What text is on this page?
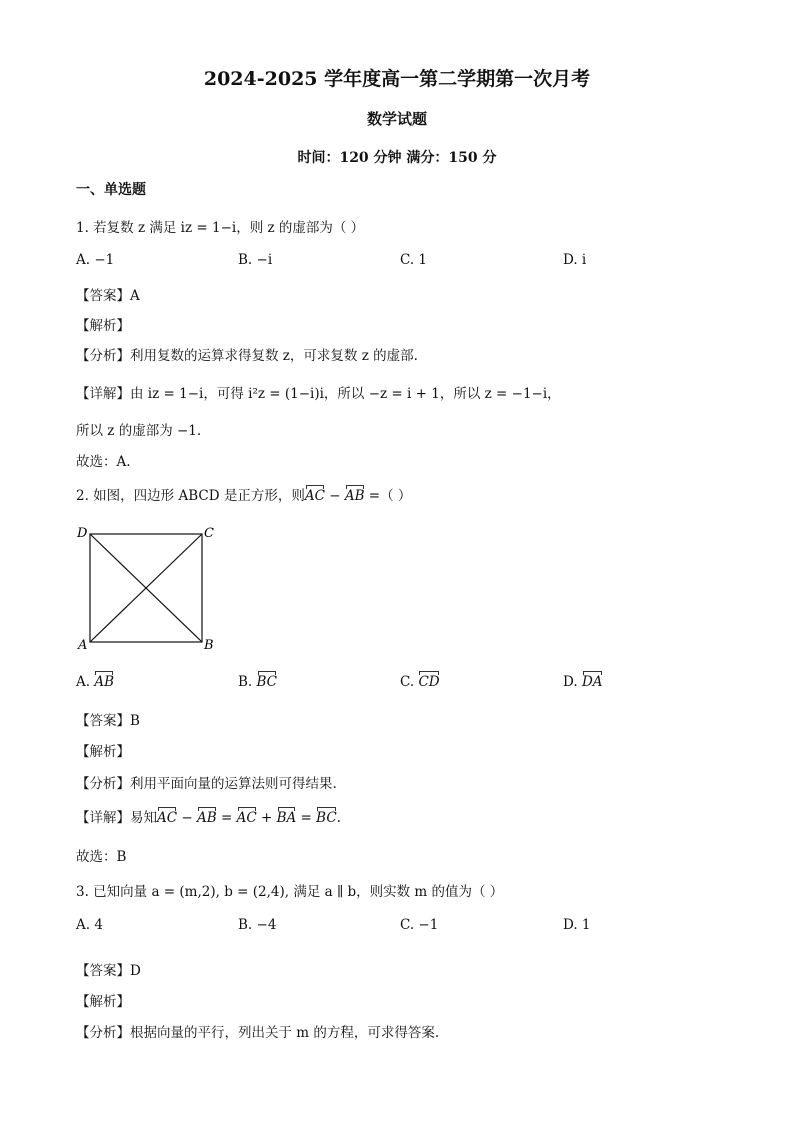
2024-2025 学年度高一第二学期第一次月考
数学试题
时间：120 分钟 满分：150 分
一、单选题
1. 若复数 z 满足 iz = 1−i，则 z 的虚部为（ ）
A. −1	B. −i	C. 1	D. i
【答案】A
【解析】
【分析】利用复数的运算求得复数 z，可求复数 z 的虚部.
【详解】由 iz = 1−i，可得 i²z = (1−i)i，所以 −z = i + 1，所以 z = −1−i，
所以 z 的虚部为 −1.
故选：A.
2. 如图，四边形 ABCD 是正方形，则AC − AB =（ ）
D	C
A	B
A. AB	B. BC	C. CD	D. DA
【答案】B
【解析】
【分析】利用平面向量的运算法则可得结果.
【详解】易知AC − AB = AC + BA = BC.
故选：B
3. 已知向量 a = (m,2), b = (2,4), 满足 a ∥ b，则实数 m 的值为（ ）
A. 4	B. −4	C. −1	D. 1
【答案】D
【解析】
【分析】根据向量的平行，列出关于 m 的方程，可求得答案.
